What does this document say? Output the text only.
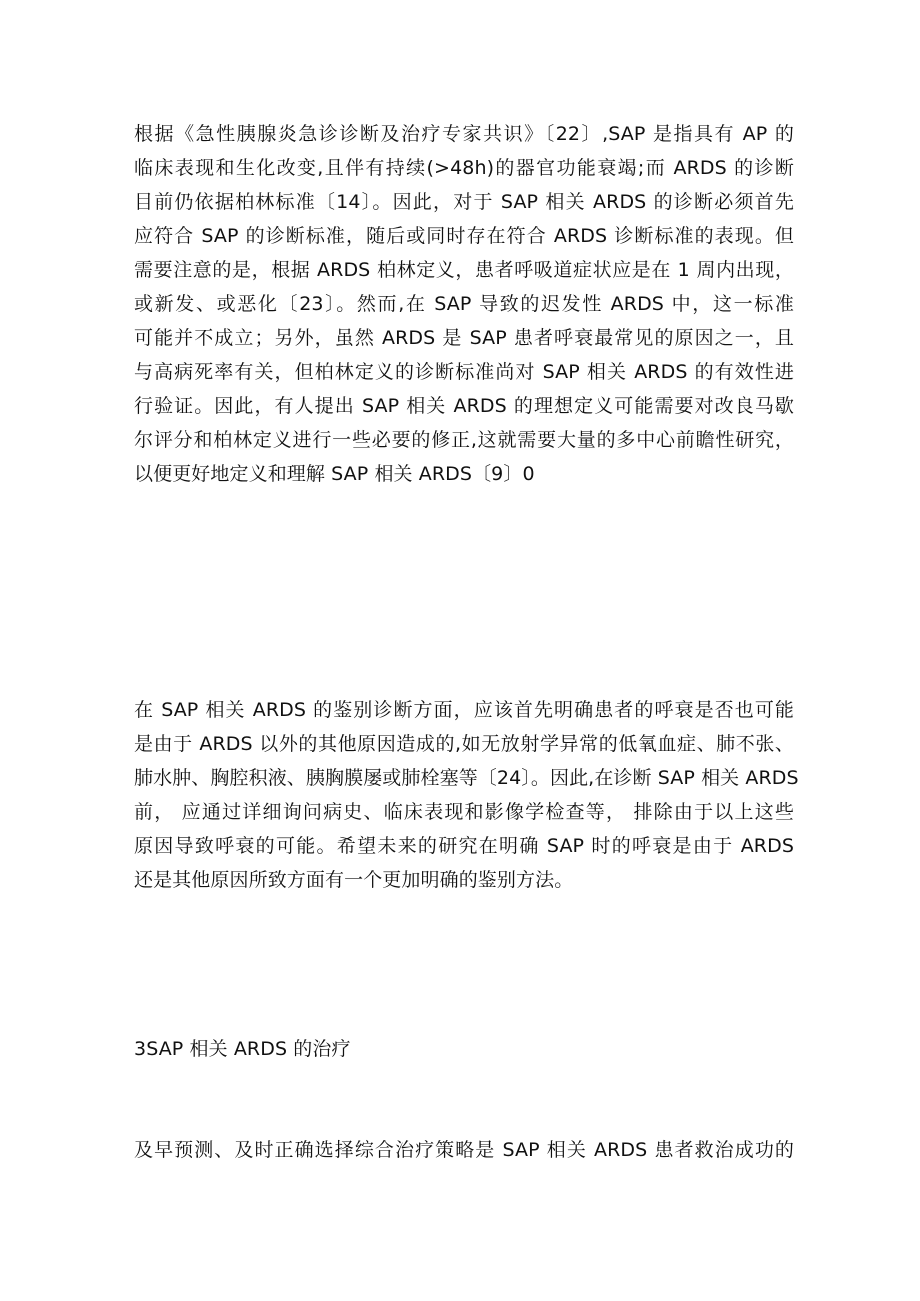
根据《急性胰腺炎急诊诊断及治疗专家共识》〔22〕,SAP 是指具有 AP 的
临床表现和生化改变,且伴有持续(>48h)的器官功能衰竭;而 ARDS 的诊断
目前仍依据柏林标准〔14〕。因此，对于 SAP 相关 ARDS 的诊断必须首先
应符合 SAP 的诊断标准，随后或同时存在符合 ARDS 诊断标准的表现。但
需要注意的是，根据 ARDS 柏林定义，患者呼吸道症状应是在 1 周内出现，
或新发、或恶化〔23〕。然而,在 SAP 导致的迟发性 ARDS 中，这一标准
可能并不成立；另外，虽然 ARDS 是 SAP 患者呼衰最常见的原因之一，且
与高病死率有关，但柏林定义的诊断标准尚对 SAP 相关 ARDS 的有效性进
行验证。因此，有人提出 SAP 相关 ARDS 的理想定义可能需要对改良马歇
尔评分和柏林定义进行一些必要的修正,这就需要大量的多中心前瞻性研究，
以便更好地定义和理解 SAP 相关 ARDS〔9〕0
在 SAP 相关 ARDS 的鉴别诊断方面，应该首先明确患者的呼衰是否也可能
是由于 ARDS 以外的其他原因造成的,如无放射学异常的低氧血症、肺不张、
肺水肿、胸腔积液、胰胸膜屡或肺栓塞等〔24〕。因此,在诊断 SAP 相关 ARDS
前， 应通过详细询问病史、临床表现和影像学检查等， 排除由于以上这些
原因导致呼衰的可能。希望未来的研究在明确 SAP 时的呼衰是由于 ARDS
还是其他原因所致方面有一个更加明确的鉴别方法。
3SAP 相关 ARDS 的治疗
及早预测、及时正确选择综合治疗策略是 SAP 相关 ARDS 患者救治成功的
